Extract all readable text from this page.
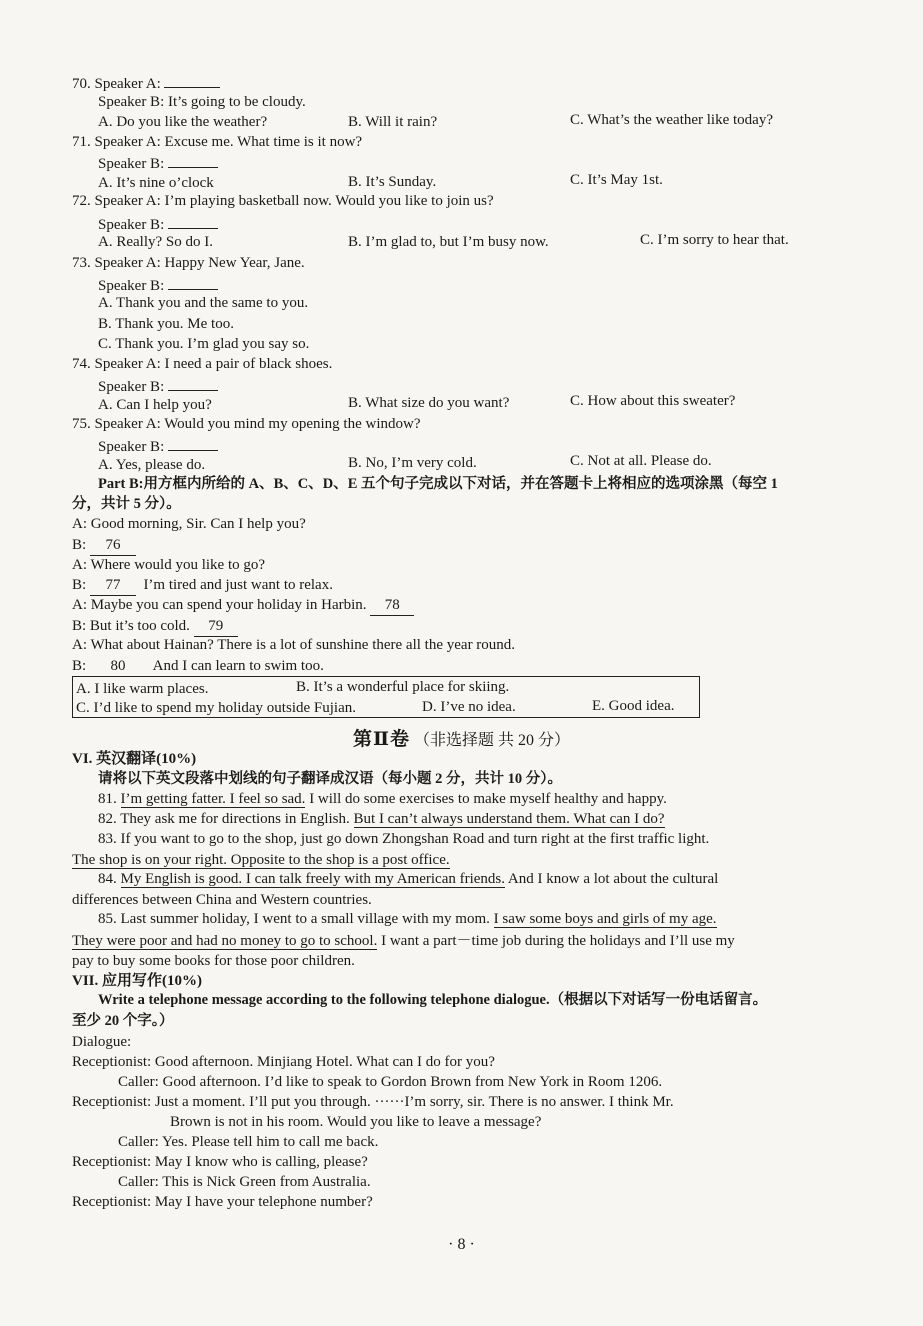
70. Speaker A:
Speaker B: It’s going to be cloudy.
A. Do you like the weather?	B. Will it rain?	C. What’s the weather like today?
71. Speaker A: Excuse me. What time is it now?
Speaker B:
A. It’s nine o’clock	B. It’s Sunday.	C. It’s May 1st.
72. Speaker A: I’m playing basketball now. Would you like to join us?
Speaker B:
A. Really? So do I.	B. I’m glad to, but I’m busy now.	C. I’m sorry to hear that.
73. Speaker A: Happy New Year, Jane.
Speaker B:
A. Thank you and the same to you.
B. Thank you. Me too.
C. Thank you. I’m glad you say so.
74. Speaker A: I need a pair of black shoes.
Speaker B:
A. Can I help you?	B. What size do you want?	C. How about this sweater?
75. Speaker A: Would you mind my opening the window?
Speaker B:
A. Yes, please do.	B. No, I’m very cold.	C. Not at all. Please do.
Part B:用方框内所给的 A、B、C、D、E 五个句子完成以下对话，并在答题卡上将相应的选项涂黑（每空 1
分，共计 5 分）。
A: Good morning, Sir. Can I help you?
B: 76
A: Where would you like to go?
B: 77 I’m tired and just want to relax.
A: Maybe you can spend your holiday in Harbin. 78
B: But it’s too cold. 79
A: What about Hainan? There is a lot of sunshine there all the year round.
B: 80 And I can learn to swim too.
A. I like warm places.	B. It’s a wonderful place for skiing.
C. I’d like to spend my holiday outside Fujian.	D. I’ve no idea.	E. Good idea.
第Ⅱ卷 （非选择题 共 20 分）
VI. 英汉翻译(10%)
请将以下英文段落中划线的句子翻译成汉语（每小题 2 分，共计 10 分）。
81. I’m getting fatter. I feel so sad. I will do some exercises to make myself healthy and happy.
82. They ask me for directions in English. But I can’t always understand them. What can I do?
83. If you want to go to the shop, just go down Zhongshan Road and turn right at the first traffic light.
The shop is on your right. Opposite to the shop is a post office.
84. My English is good. I can talk freely with my American friends. And I know a lot about the cultural
differences between China and Western countries.
85. Last summer holiday, I went to a small village with my mom. I saw some boys and girls of my age.
They were poor and had no money to go to school. I want a part－time job during the holidays and I’ll use my
pay to buy some books for those poor children.
VII. 应用写作(10%)
Write a telephone message according to the following telephone dialogue.（根据以下对话写一份电话留言。
至少 20 个字。）
Dialogue:
Receptionist: Good afternoon. Minjiang Hotel. What can I do for you?
Caller: Good afternoon. I’d like to speak to Gordon Brown from New York in Room 1206.
Receptionist: Just a moment. I’ll put you through. ······I’m sorry, sir. There is no answer. I think Mr.
Brown is not in his room. Would you like to leave a message?
Caller: Yes. Please tell him to call me back.
Receptionist: May I know who is calling, please?
Caller: This is Nick Green from Australia.
Receptionist: May I have your telephone number?
· 8 ·
